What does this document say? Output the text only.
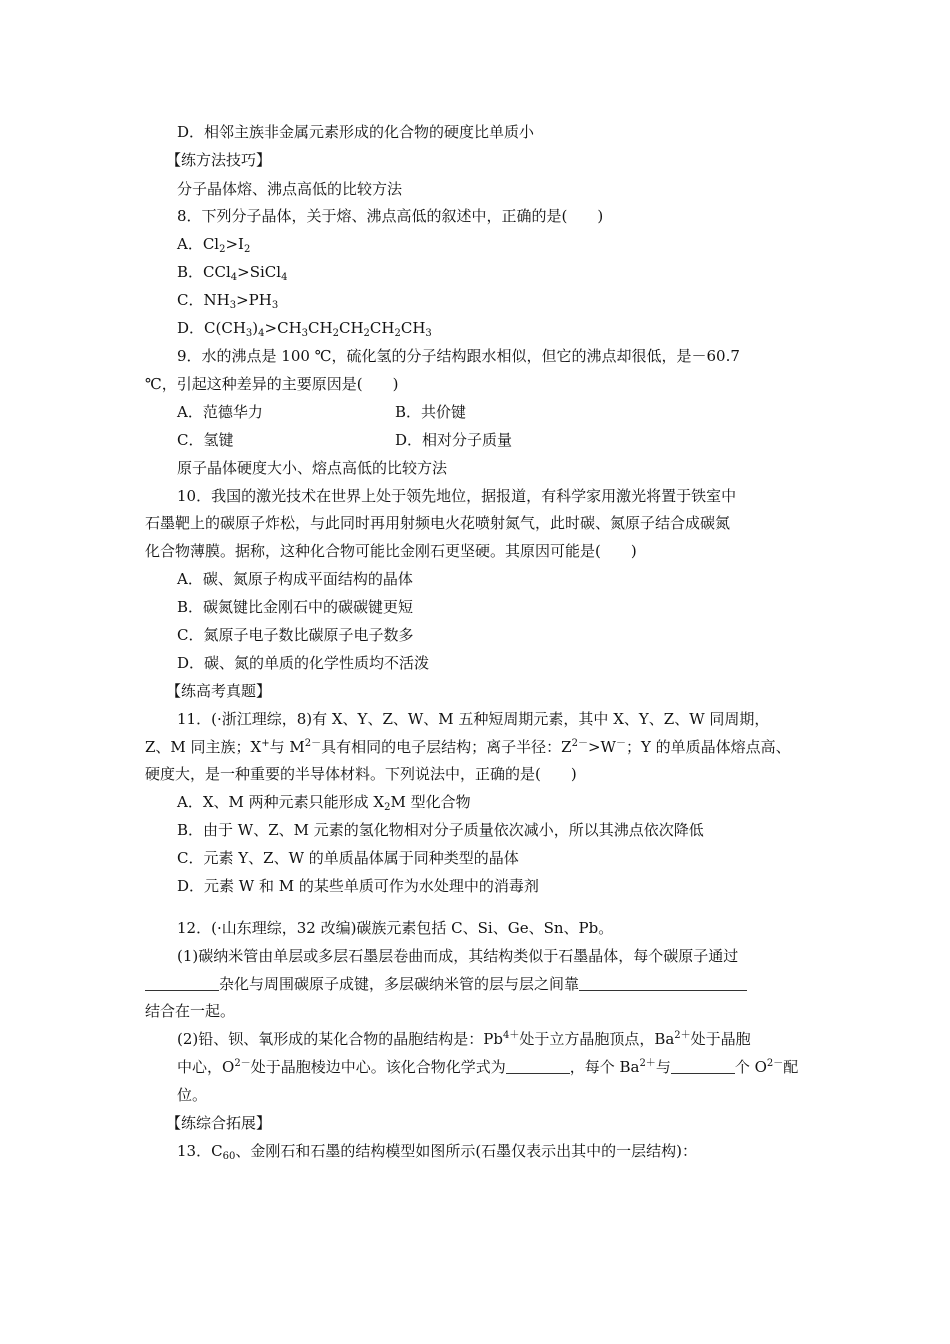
D．相邻主族非金属元素形成的化合物的硬度比单质小
【练方法技巧】
分子晶体熔、沸点高低的比较方法
8．下列分子晶体，关于熔、沸点高低的叙述中，正确的是(　　)
A．$Cl_2>I_2$
B．CCl$_4$>SiCl$_4$
C．$NH_3>PH_3$
D．$C(CH_3)_4>CH_3CH_2CH_2CH_2CH_3$
9．水的沸点是 100 ℃，硫化氢的分子结构跟水相似，但它的沸点却很低，是－60.7
℃，引起这种差异的主要原因是(　　)
A．范德华力	B．共价键
C．氢键	D．相对分子质量
原子晶体硬度大小、熔点高低的比较方法
10．我国的激光技术在世界上处于领先地位，据报道，有科学家用激光将置于铁室中
石墨靶上的碳原子炸松，与此同时再用射频电火花喷射氮气，此时碳、氮原子结合成碳氮
化合物薄膜。据称，这种化合物可能比金刚石更坚硬。其原因可能是(　　)
A．碳、氮原子构成平面结构的晶体
B．碳氮键比金刚石中的碳碳键更短
C．氮原子电子数比碳原子电子数多
D．碳、氮的单质的化学性质均不活泼
【练高考真题】
11．(·浙江理综，8)有 X、Y、Z、W、M 五种短周期元素，其中 X、Y、Z、W 同周期，
Z、M 同主族；X+与 $M^{2-}$具有相同的电子层结构；离子半径：$Z^{2-}>W^-$；Y 的单质晶体熔点高、
硬度大，是一种重要的半导体材料。下列说法中，正确的是(　　)
A．X、M 两种元素只能形成 $X_2M$ 型化合物
B．由于 W、Z、M 元素的氢化物相对分子质量依次减小，所以其沸点依次降低
C．元素 Y、Z、W 的单质晶体属于同种类型的晶体
D．元素 W 和 M 的某些单质可作为水处理中的消毒剂
12．(·山东理综，32 改编)碳族元素包括 C、Si、Ge、Sn、Pb。
(1)碳纳米管由单层或多层石墨层卷曲而成，其结构类似于石墨晶体，每个碳原子通过
杂化与周围碳原子成键，多层碳纳米管的层与层之间靠
结合在一起。
(2)铅、钡、氧形成的某化合物的晶胞结构是：$Pb^{4+}$处于立方晶胞顶点，$Ba^{2+}$处于晶胞
中心，$O^{2-}$处于晶胞棱边中心。该化合物化学式为	，每个 $Ba^{2+}$与	个 $O^{2-}$配
位。
【练综合拓展】
13．$C_{60}$、金刚石和石墨的结构模型如图所示(石墨仅表示出其中的一层结构)：
